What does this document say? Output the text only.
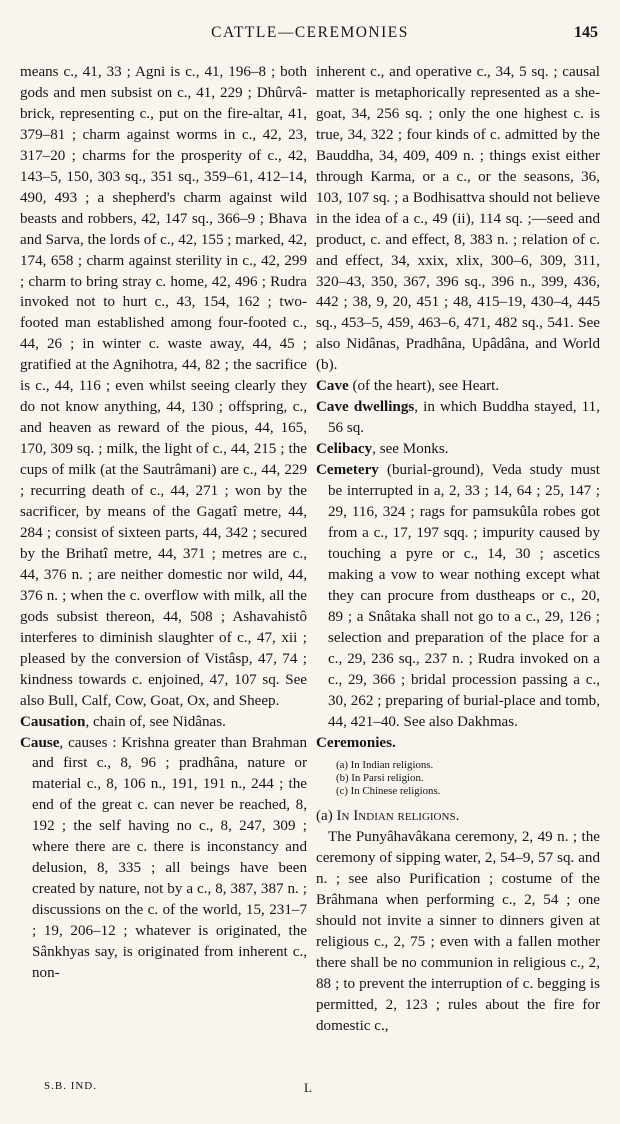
CATTLE—CEREMONIES	145

means c., 41, 33 ; Agni is c., 41, 196–8 ; both gods and men subsist on c., 41, 229 ; Dhûrvâ-brick, representing c., put on the fire-altar, 41, 379–81 ; charm against worms in c., 42, 23, 317–20 ; charms for the prosperity of c., 42, 143–5, 150, 303 sq., 351 sq., 359–61, 412–14, 490, 493 ; a shepherd's charm against wild beasts and robbers, 42, 147 sq., 366–9 ; Bhava and Sarva, the lords of c., 42, 155 ; marked, 42, 174, 658 ; charm against sterility in c., 42, 299 ; charm to bring stray c. home, 42, 496 ; Rudra invoked not to hurt c., 43, 154, 162 ; two-footed man established among four-footed c., 44, 26 ; in winter c. waste away, 44, 45 ; gratified at the Agnihotra, 44, 82 ; the sacrifice is c., 44, 116 ; even whilst seeing clearly they do not know anything, 44, 130 ; offspring, c., and heaven as reward of the pious, 44, 165, 170, 309 sq. ; milk, the light of c., 44, 215 ; the cups of milk (at the Sautrâmani) are c., 44, 229 ; recurring death of c., 44, 271 ; won by the sacrificer, by means of the Gagatî metre, 44, 284 ; consist of sixteen parts, 44, 342 ; secured by the Brihatî metre, 44, 371 ; metres are c., 44, 376 n. ; are neither domestic nor wild, 44, 376 n. ; when the c. overflow with milk, all the gods subsist thereon, 44, 508 ; Ashavahistô interferes to diminish slaughter of c., 47, xii ; pleased by the conversion of Vistâsp, 47, 74 ; kindness towards c. enjoined, 47, 107 sq. See also Bull, Calf, Cow, Goat, Ox, and Sheep.

Causation, chain of, see Nidânas.

Cause, causes : Krishna greater than Brahman and first c., 8, 96 ; pradhâna, nature or material c., 8, 106 n., 191, 191 n., 244 ; the end of the great c. can never be reached, 8, 192 ; the self having no c., 8, 247, 309 ; where there are c. there is inconstancy and delusion, 8, 335 ; all beings have been created by nature, not by a c., 8, 387, 387 n. ; discussions on the c. of the world, 15, 231–7 ; 19, 206–12 ; whatever is originated, the Sânkhyas say, is originated from inherent c., non-

inherent c., and operative c., 34, 5 sq. ; causal matter is metaphorically represented as a she-goat, 34, 256 sq. ; only the one highest c. is true, 34, 322 ; four kinds of c. admitted by the Bauddha, 34, 409, 409 n. ; things exist either through Karma, or a c., or the seasons, 36, 103, 107 sq. ; a Bodhisattva should not believe in the idea of a c., 49 (ii), 114 sq. ;—seed and product, c. and effect, 8, 383 n. ; relation of c. and effect, 34, xxix, xlix, 300–6, 309, 311, 320–43, 350, 367, 396 sq., 396 n., 399, 436, 442 ; 38, 9, 20, 451 ; 48, 415–19, 430–4, 445 sq., 453–5, 459, 463–6, 471, 482 sq., 541. See also Nidânas, Pradhâna, Upâdâna, and World (b).

Cave (of the heart), see Heart.

Cave dwellings, in which Buddha stayed, 11, 56 sq.

Celibacy, see Monks.

Cemetery (burial-ground), Veda study must be interrupted in a, 2, 33 ; 14, 64 ; 25, 147 ; 29, 116, 324 ; rags for pamsukûla robes got from a c., 17, 197 sqq. ; impurity caused by touching a pyre or c., 14, 30 ; ascetics making a vow to wear nothing except what they can procure from dustheaps or c., 20, 89 ; a Snâtaka shall not go to a c., 29, 126 ; selection and preparation of the place for a c., 29, 236 sq., 237 n. ; Rudra invoked on a c., 29, 366 ; bridal procession passing a c., 30, 262 ; preparing of burial-place and tomb, 44, 421–40. See also Dakhmas.

Ceremonies.

(a) In Indian religions.
(b) In Parsi religion.
(c) In Chinese religions.

(a) In Indian religions.

The Punyâhavâkana ceremony, 2, 49 n. ; the ceremony of sipping water, 2, 54–9, 57 sq. and n. ; see also Purification ; costume of the Brâhmana when performing c., 2, 54 ; one should not invite a sinner to dinners given at religious c., 2, 75 ; even with a fallen mother there shall be no communion in religious c., 2, 88 ; to prevent the interruption of c. begging is permitted, 2, 123 ; rules about the fire for domestic c.,

S.B. IND.	L
